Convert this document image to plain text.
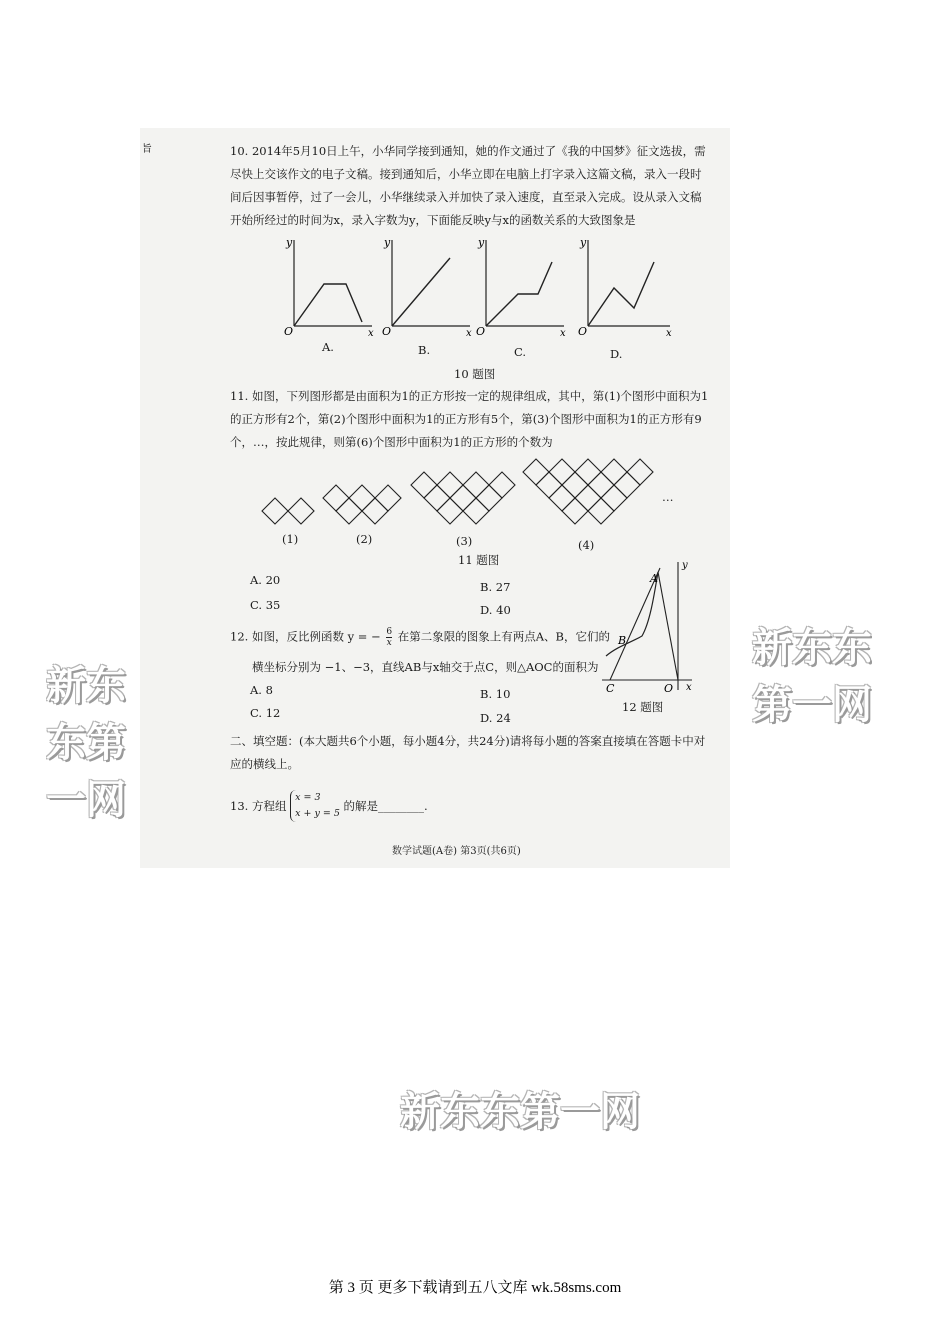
旨	10. 2014年5月10日上午，小华同学接到通知，她的作文通过了《我的中国梦》征文选拔，需尽快上交该作文的电子文稿。接到通知后，小华立即在电脑上打字录入这篇文稿，录入一段时间后因事暂停，过了一会儿，小华继续录入并加快了录入速度，直至录入完成。设从录入文稿开始所经过的时间为x，录入字数为y，下面能反映y与x的函数关系的大致图象是
y
O	x
A.
y
O	x
B.
y
O	x
C.
y
O	x
D.
10 题图
11. 如图，下列图形都是由面积为1的正方形按一定的规律组成，其中，第(1)个图形中面积为1的正方形有2个，第(2)个图形中面积为1的正方形有5个，第(3)个图形中面积为1的正方形有9个，…，按此规律，则第(6)个图形中面积为1的正方形的个数为
…
(1)	(2)	(3)	(4)
11 题图
A. 20	B. 27
C. 35	D. 40
12. 如图，反比例函数 y = − $\frac{6}{x}$ 在第二象限的图象上有两点A、B，它们的
横坐标分别为 −1、−3，直线AB与x轴交于点C，则△AOC的面积为
A. 8	B. 10
C. 12	D. 24
A
B
C	O x
y
12 题图
二、填空题：(本大题共6个小题，每小题4分，共24分)请将每小题的答案直接填在答题卡中对应的横线上。
13. 方程组
x = 3
x + y = 5
的解是________.
数学试题(A卷) 第3页(共6页)
新东东第一网
新东东第一网
新东东第一网
第 3 页 更多下载请到五八文库 wk.58sms.com
